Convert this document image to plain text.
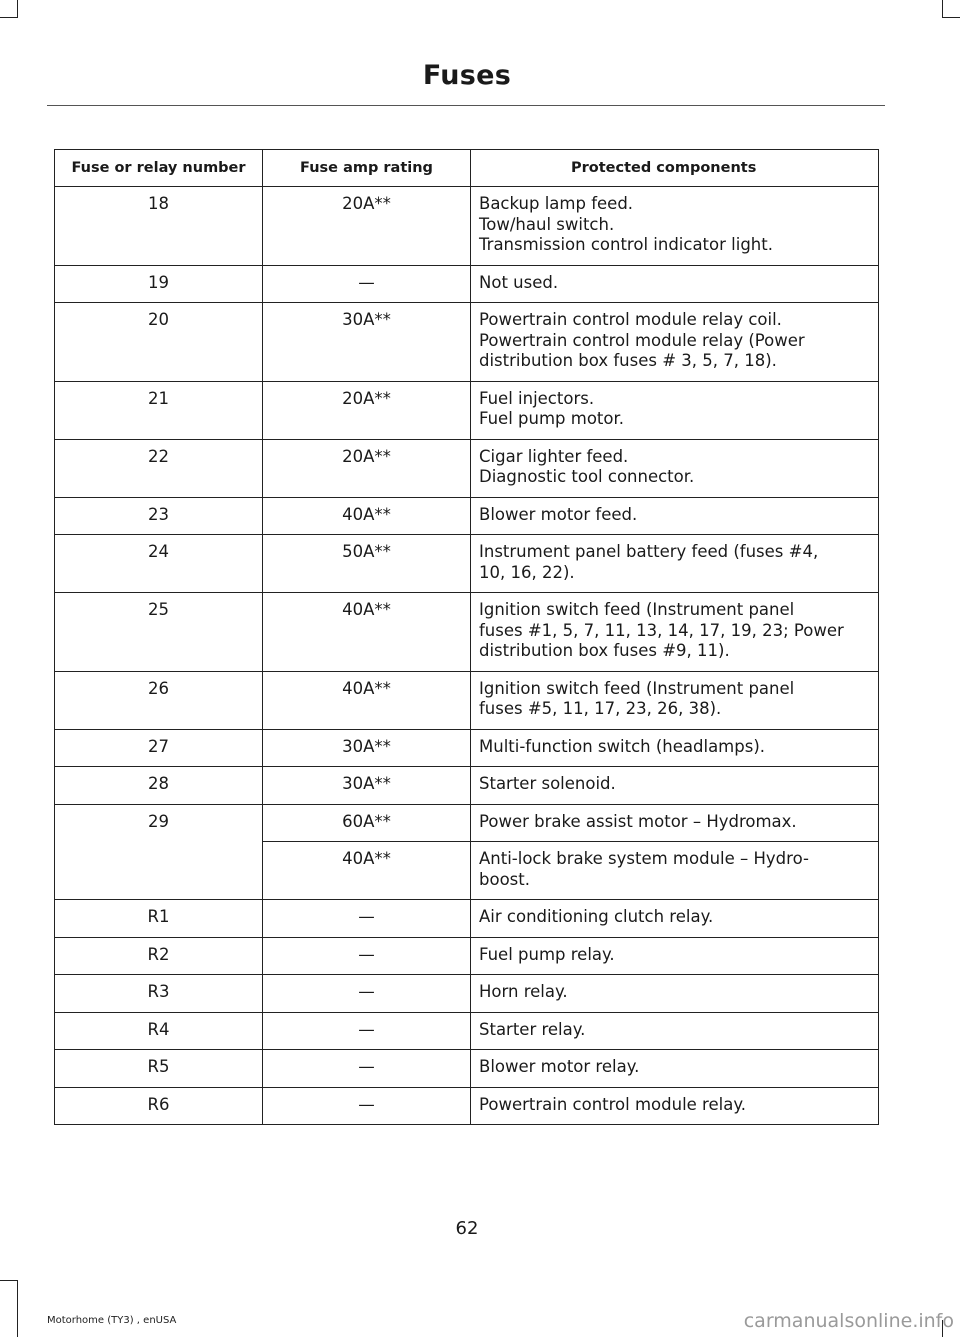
Fuses
Fuse or relay number	Fuse amp rating	Protected components
18	20A**	Backup lamp feed.
Tow/haul switch.
Transmission control indicator light.

19	—	Not used.

20	30A**	Powertrain control module relay coil.
Powertrain control module relay (Power
distribution box fuses # 3, 5, 7, 18).

21	20A**	Fuel injectors.
Fuel pump motor.

22	20A**	Cigar lighter feed.
Diagnostic tool connector.

23	40A**	Blower motor feed.

24	50A**	Instrument panel battery feed (fuses #4,
10, 16, 22).

25	40A**	Ignition switch feed (Instrument panel
fuses #1, 5, 7, 11, 13, 14, 17, 19, 23; Power
distribution box fuses #9, 11).

26	40A**	Ignition switch feed (Instrument panel
fuses #5, 11, 17, 23, 26, 38).

27	30A**	Multi-function switch (headlamps).

28	30A**	Starter solenoid.

29	60A**	Power brake assist motor – Hydromax.

	40A**	Anti-lock brake system module – Hydro-
boost.

R1	—	Air conditioning clutch relay.

R2	—	Fuel pump relay.

R3	—	Horn relay.

R4	—	Starter relay.

R5	—	Blower motor relay.

R6	—	Powertrain control module relay.
62
Motorhome (TY3) , enUSA	carmanualsonline.info
